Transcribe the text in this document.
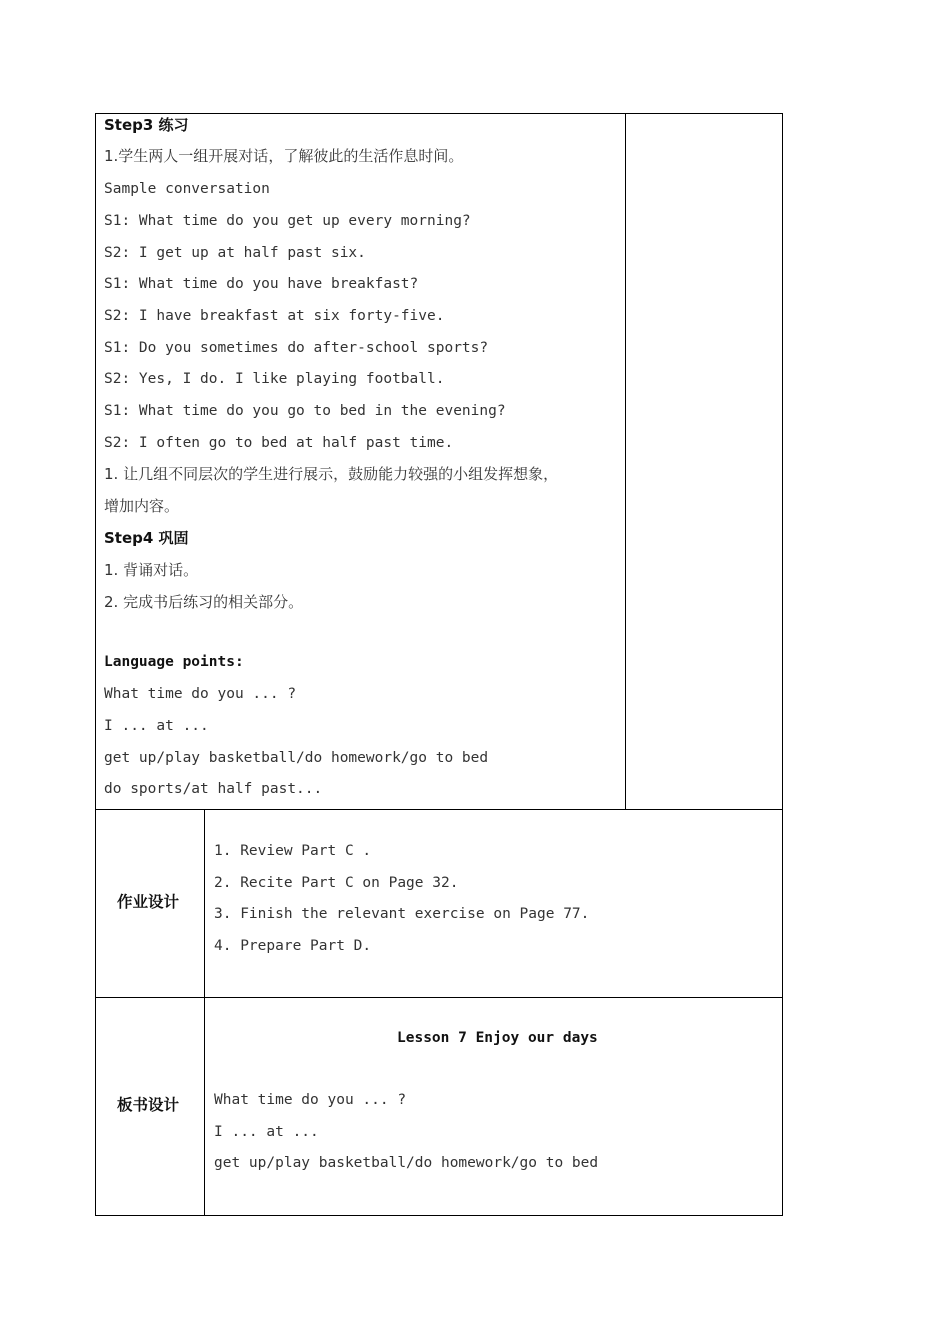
Step3 练习
1.学生两人一组开展对话，了解彼此的生活作息时间。
Sample conversation
S1: What time do you get up every morning?
S2: I get up at half past six.
S1: What time do you have breakfast?
S2: I have breakfast at six forty-five.
S1: Do you sometimes do after-school sports?
S2: Yes, I do. I like playing football.
S1: What time do you go to bed in the evening?
S2: I often go to bed at half past time.
1. 让几组不同层次的学生进行展示，鼓励能力较强的小组发挥想象，
增加内容。
Step4 巩固
1. 背诵对话。
2. 完成书后练习的相关部分。
Language points:
What time do you ... ?
I ... at ...
get up/play basketball/do homework/go to bed
do sports/at half past...
作业设计
1. Review Part C .
2. Recite Part C on Page 32.
3. Finish the relevant exercise on Page 77.
4. Prepare Part D.
板书设计
Lesson 7 Enjoy our days
What time do you ... ?
I ... at ...
get up/play basketball/do homework/go to bed
